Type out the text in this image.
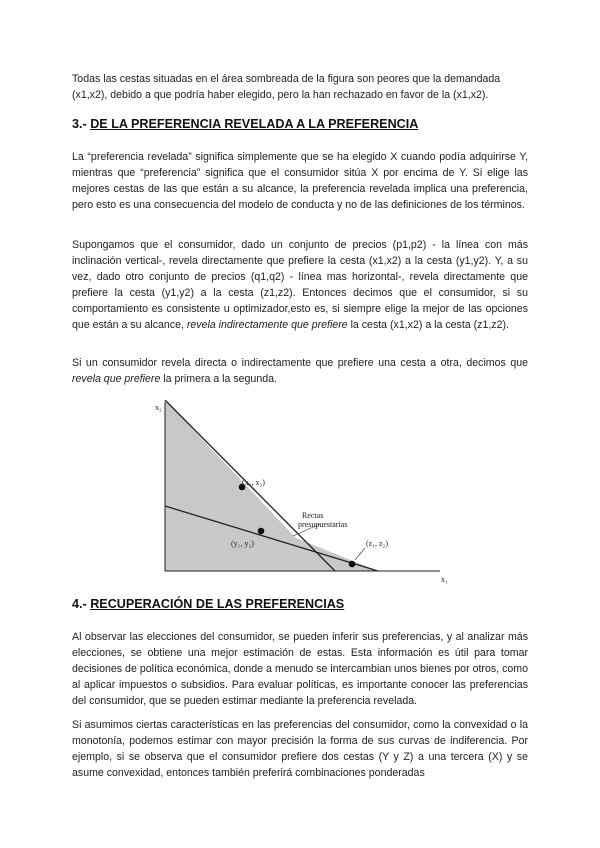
Todas las cestas situadas en el área sombreada de la figura son peores que la demandada (x1,x2), debido a que podría haber elegido, pero la han rechazado en favor de la (x1,x2).

3.- DE LA PREFERENCIA REVELADA A LA PREFERENCIA

La “preferencia revelada” significa simplemente que se ha elegido X cuando podía adquirirse Y, mientras que “preferencia” significa que el consumidor sitúa X por encima de Y. Si elige las mejores cestas de las que están a su alcance, la preferencia revelada implica una preferencia, pero esto es una consecuencia del modelo de conducta y no de las definiciones de los términos.

Supongamos que el consumidor, dado un conjunto de precios (p1,p2) - la línea con más inclinación vertical-, revela directamente que prefiere la cesta (x1,x2) a la cesta (y1,y2). Y, a su vez, dado otro conjunto de precios (q1,q2) - línea mas horizontal-, revela directamente que prefiere la cesta (y1,y2) a la cesta (z1,z2). Entonces decimos que el consumidor, si su comportamiento es consistente u optimizador,esto es, si siempre elige la mejor de las opciones que están a su alcance, revela indirectamente que prefiere la cesta (x1,x2) a la cesta (z1,z2).

Si un consumidor revela directa o indirectamente que prefiere una cesta a otra, decimos que revela que prefiere la primera a la segunda.

x₂
x₁
(x₁, x₂)
(y₁, y₂)	(z₁, z₂)
Rectas
presupuestarias
4.- RECUPERACIÓN DE LAS PREFERENCIAS

Al observar las elecciones del consumidor, se pueden inferir sus preferencias, y al analizar más elecciones, se obtiene una mejor estimación de estas. Esta información es útil para tomar decisiones de política económica, donde a menudo se intercambian unos bienes por otros, como al aplicar impuestos o subsidios. Para evaluar políticas, es importante conocer las preferencias del consumidor, que se pueden estimar mediante la preferencia revelada.

Si asumimos ciertas características en las preferencias del consumidor, como la convexidad o la monotonía, podemos estimar con mayor precisión la forma de sus curvas de indiferencia. Por ejemplo, si se observa que el consumidor prefiere dos cestas (Y y Z) a una tercera (X) y se asume convexidad, entonces también preferirá combinaciones ponderadas
